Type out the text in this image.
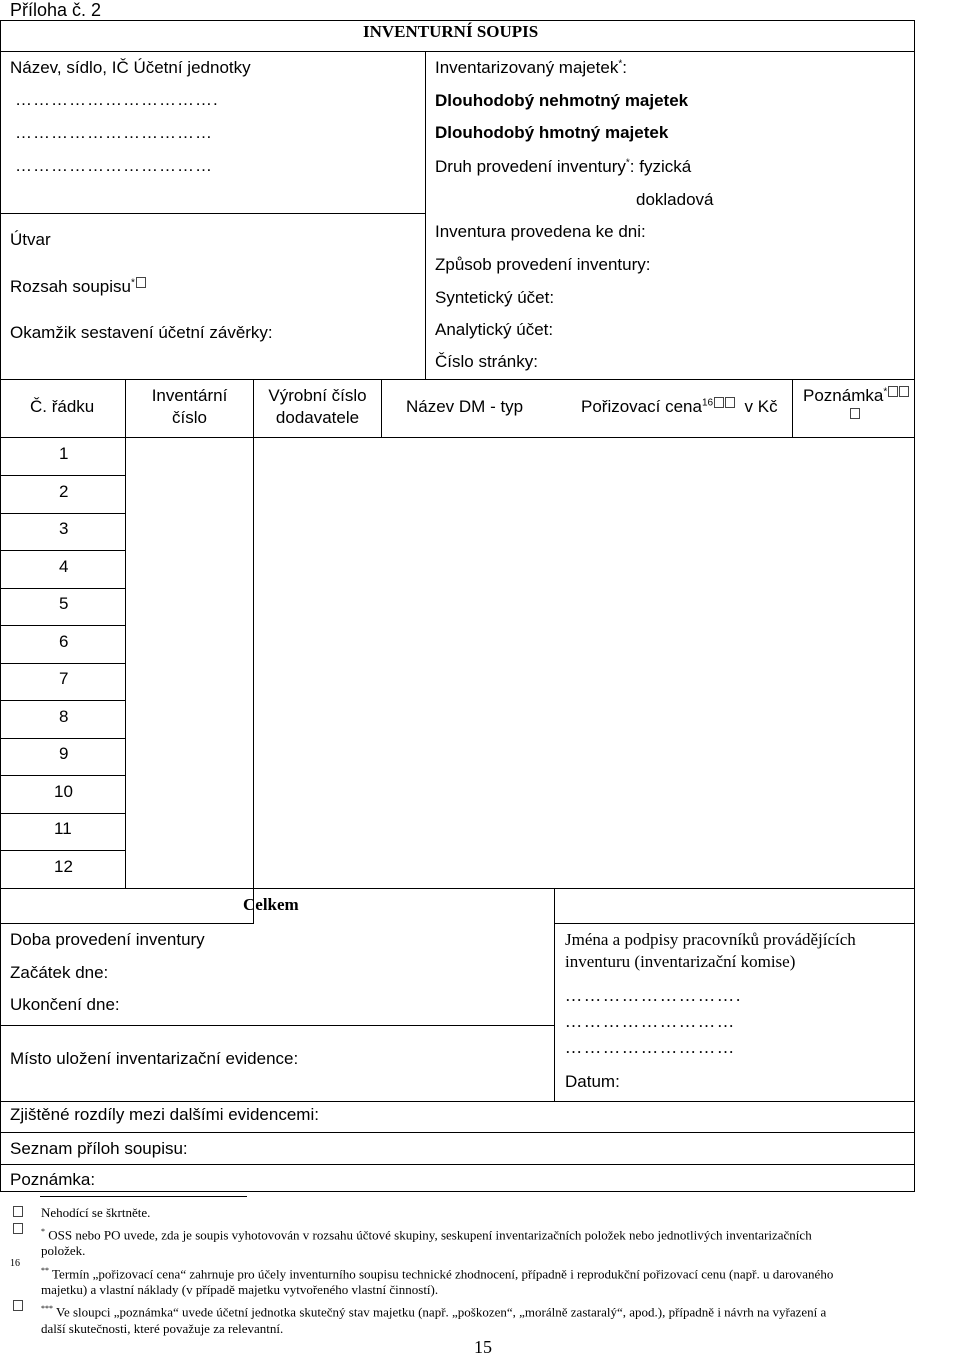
Příloha č. 2
INVENTURNÍ SOUPIS
Název, sídlo, IČ Účetní jednotky
…………………………….
……………………………
……………………………
Útvar
Rozsah soupisu*
Okamžik sestavení účetní závěrky:
Inventarizovaný majetek*:
Dlouhodobý nehmotný majetek
Dlouhodobý hmotný majetek
Druh provedení inventury*: fyzická
dokladová
Inventura provedena ke dni:
Způsob provedení inventury:
Syntetický účet:
Analytický účet:
Číslo stránky:
Č. řádku
Inventární
číslo
Výrobní číslo
dodavatele
Název DM - typ	Pořizovací cena$^{16}$ v Kč
Poznámka*
1
2
3
4
5
6
7
8
9
10
11
12
Celkem
Doba provedení inventury
Začátek dne:
Ukončení dne:
Místo uložení inventarizační evidence:
Jména a podpisy pracovníků provádějících
inventuru (inventarizační komise)
……………………….
………………………
………………………
Datum:
Zjištěné rozdíly mezi dalšími evidencemi:
Seznam příloh soupisu:
Poznámka:
Nehodící se škrtněte.
* OSS nebo PO uvede, zda je soupis vyhotovován v rozsahu účtové skupiny, seskupení inventarizačních položek nebo jednotlivých inventarizačních
položek.
16
** Termín „pořizovací cena“ zahrnuje pro účely inventurního soupisu technické zhodnocení, případně i reprodukční pořizovací cenu (např. u darovaného
majetku) a vlastní náklady (v případě majetku vytvořeného vlastní činností).
*** Ve sloupci „poznámka“ uvede účetní jednotka skutečný stav majetku (např. „poškozen“, „morálně zastaralý“, apod.), případně i návrh na vyřazení a
další skutečnosti, které považuje za relevantní.
15
